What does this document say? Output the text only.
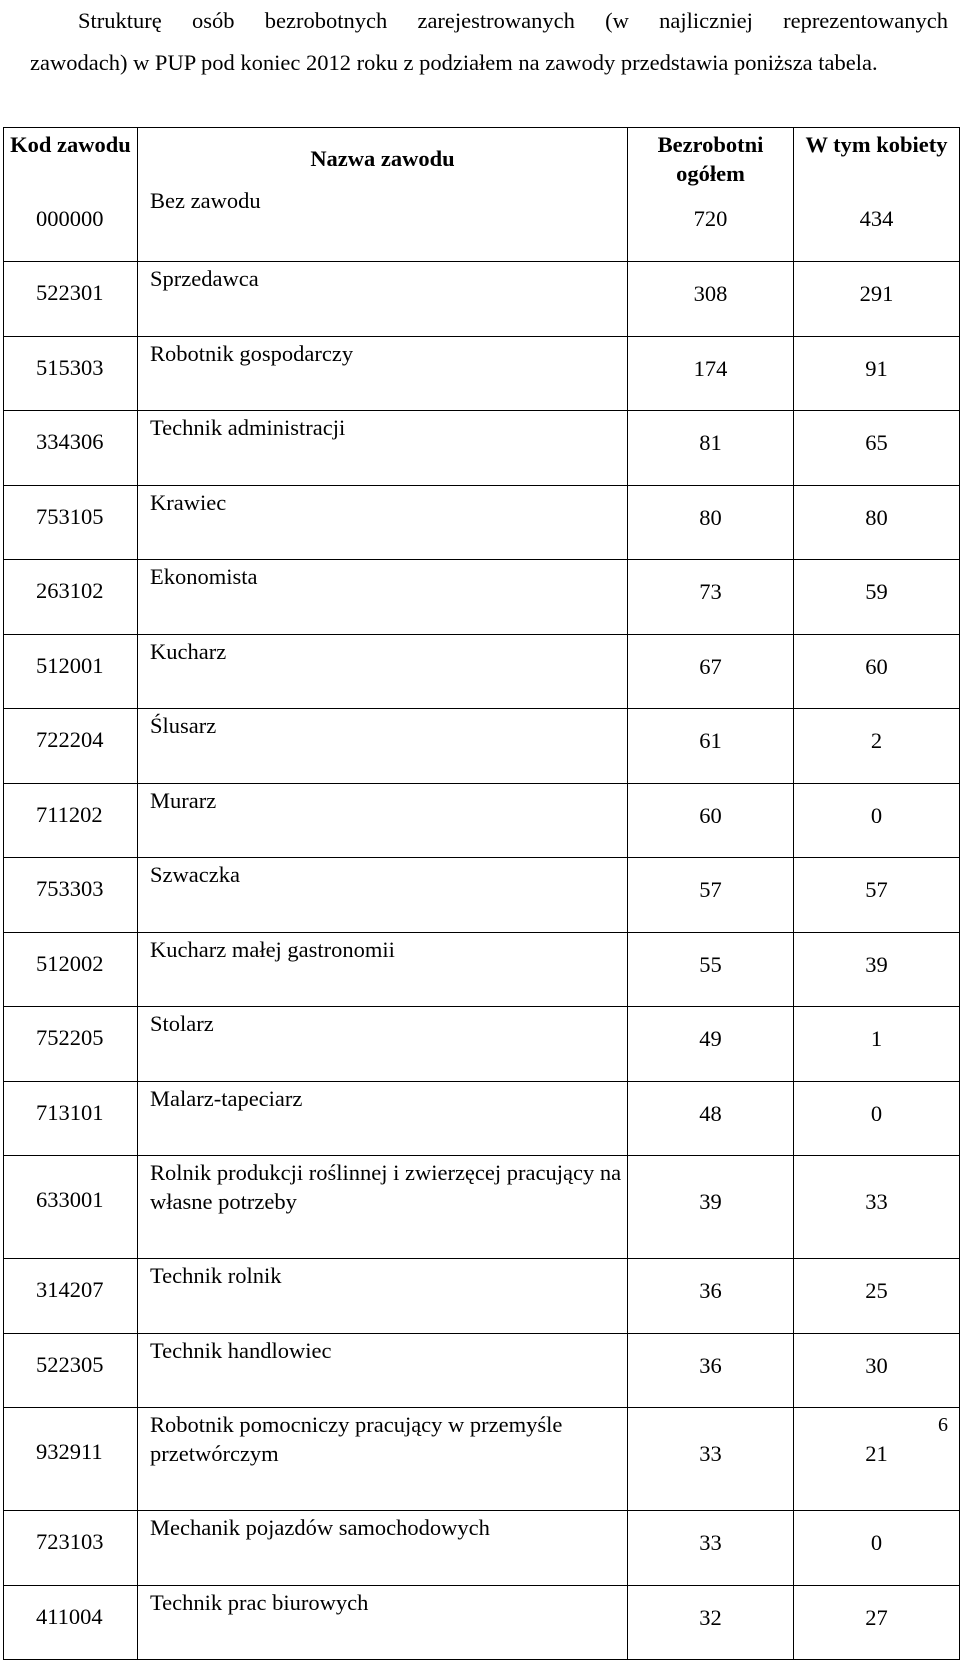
Strukturę osób bezrobotnych zarejestrowanych (w najliczniej reprezentowanych
zawodach) w PUP pod koniec 2012 roku z podziałem na zawody przedstawia poniższa tabela.
Kod zawodu	Nazwa zawodu	Bezrobotni ogółem	W tym kobiety
000000	Bez zawodu	720	434
522301	Sprzedawca	308	291
515303	Robotnik gospodarczy	174	91
334306	Technik administracji	81	65
753105	Krawiec	80	80
263102	Ekonomista	73	59
512001	Kucharz	67	60
722204	Ślusarz	61	2
711202	Murarz	60	0
753303	Szwaczka	57	57
512002	Kucharz małej gastronomii	55	39
752205	Stolarz	49	1
713101	Malarz-tapeciarz	48	0
633001	Rolnik produkcji roślinnej i zwierzęcej pracujący na własne potrzeby	39	33
314207	Technik rolnik	36	25
522305	Technik handlowiec	36	30
932911	Robotnik pomocniczy pracujący w przemyśle przetwórczym	33	21
723103	Mechanik pojazdów samochodowych	33	0
411004	Technik prac biurowych	32	27
6
